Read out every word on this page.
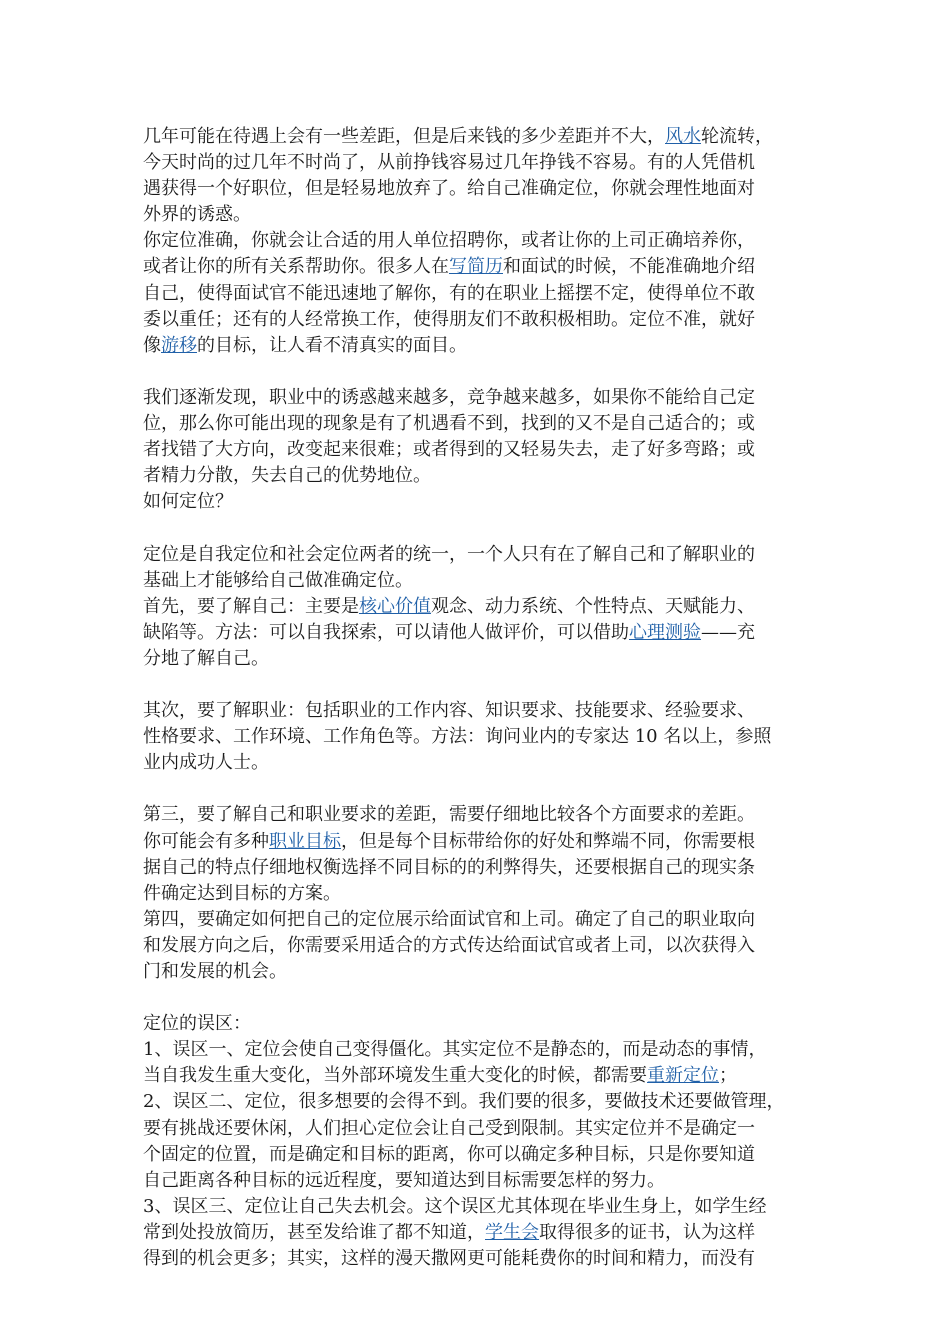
几年可能在待遇上会有一些差距，但是后来钱的多少差距并不大，风水轮流转，
今天时尚的过几年不时尚了，从前挣钱容易过几年挣钱不容易。有的人凭借机
遇获得一个好职位，但是轻易地放弃了。给自己准确定位，你就会理性地面对
外界的诱惑。
你定位准确，你就会让合适的用人单位招聘你，或者让你的上司正确培养你，
或者让你的所有关系帮助你。很多人在写简历和面试的时候，不能准确地介绍
自己，使得面试官不能迅速地了解你，有的在职业上摇摆不定，使得单位不敢
委以重任；还有的人经常换工作，使得朋友们不敢积极相助。定位不准，就好
像游移的目标，让人看不清真实的面目。
我们逐渐发现，职业中的诱惑越来越多，竞争越来越多，如果你不能给自己定
位，那么你可能出现的现象是有了机遇看不到，找到的又不是自己适合的；或
者找错了大方向，改变起来很难；或者得到的又轻易失去，走了好多弯路；或
者精力分散，失去自己的优势地位。
如何定位？
定位是自我定位和社会定位两者的统一，一个人只有在了解自己和了解职业的
基础上才能够给自己做准确定位。
首先，要了解自己：主要是核心价值观念、动力系统、个性特点、天赋能力、
缺陷等。方法：可以自我探索，可以请他人做评价，可以借助心理测验——充
分地了解自己。
其次，要了解职业：包括职业的工作内容、知识要求、技能要求、经验要求、
性格要求、工作环境、工作角色等。方法：询问业内的专家达 10 名以上，参照
业内成功人士。
第三，要了解自己和职业要求的差距，需要仔细地比较各个方面要求的差距。
你可能会有多种职业目标，但是每个目标带给你的好处和弊端不同，你需要根
据自己的特点仔细地权衡选择不同目标的的利弊得失，还要根据自己的现实条
件确定达到目标的方案。
第四，要确定如何把自己的定位展示给面试官和上司。确定了自己的职业取向
和发展方向之后，你需要采用适合的方式传达给面试官或者上司，以次获得入
门和发展的机会。
定位的误区：
1、误区一、定位会使自己变得僵化。其实定位不是静态的，而是动态的事情，
当自我发生重大变化，当外部环境发生重大变化的时候，都需要重新定位；
2、误区二、定位，很多想要的会得不到。我们要的很多，要做技术还要做管理，
要有挑战还要休闲，人们担心定位会让自己受到限制。其实定位并不是确定一
个固定的位置，而是确定和目标的距离，你可以确定多种目标，只是你要知道
自己距离各种目标的远近程度，要知道达到目标需要怎样的努力。
3、误区三、定位让自己失去机会。这个误区尤其体现在毕业生身上，如学生经
常到处投放简历，甚至发给谁了都不知道，学生会取得很多的证书，认为这样
得到的机会更多；其实，这样的漫天撒网更可能耗费你的时间和精力，而没有
